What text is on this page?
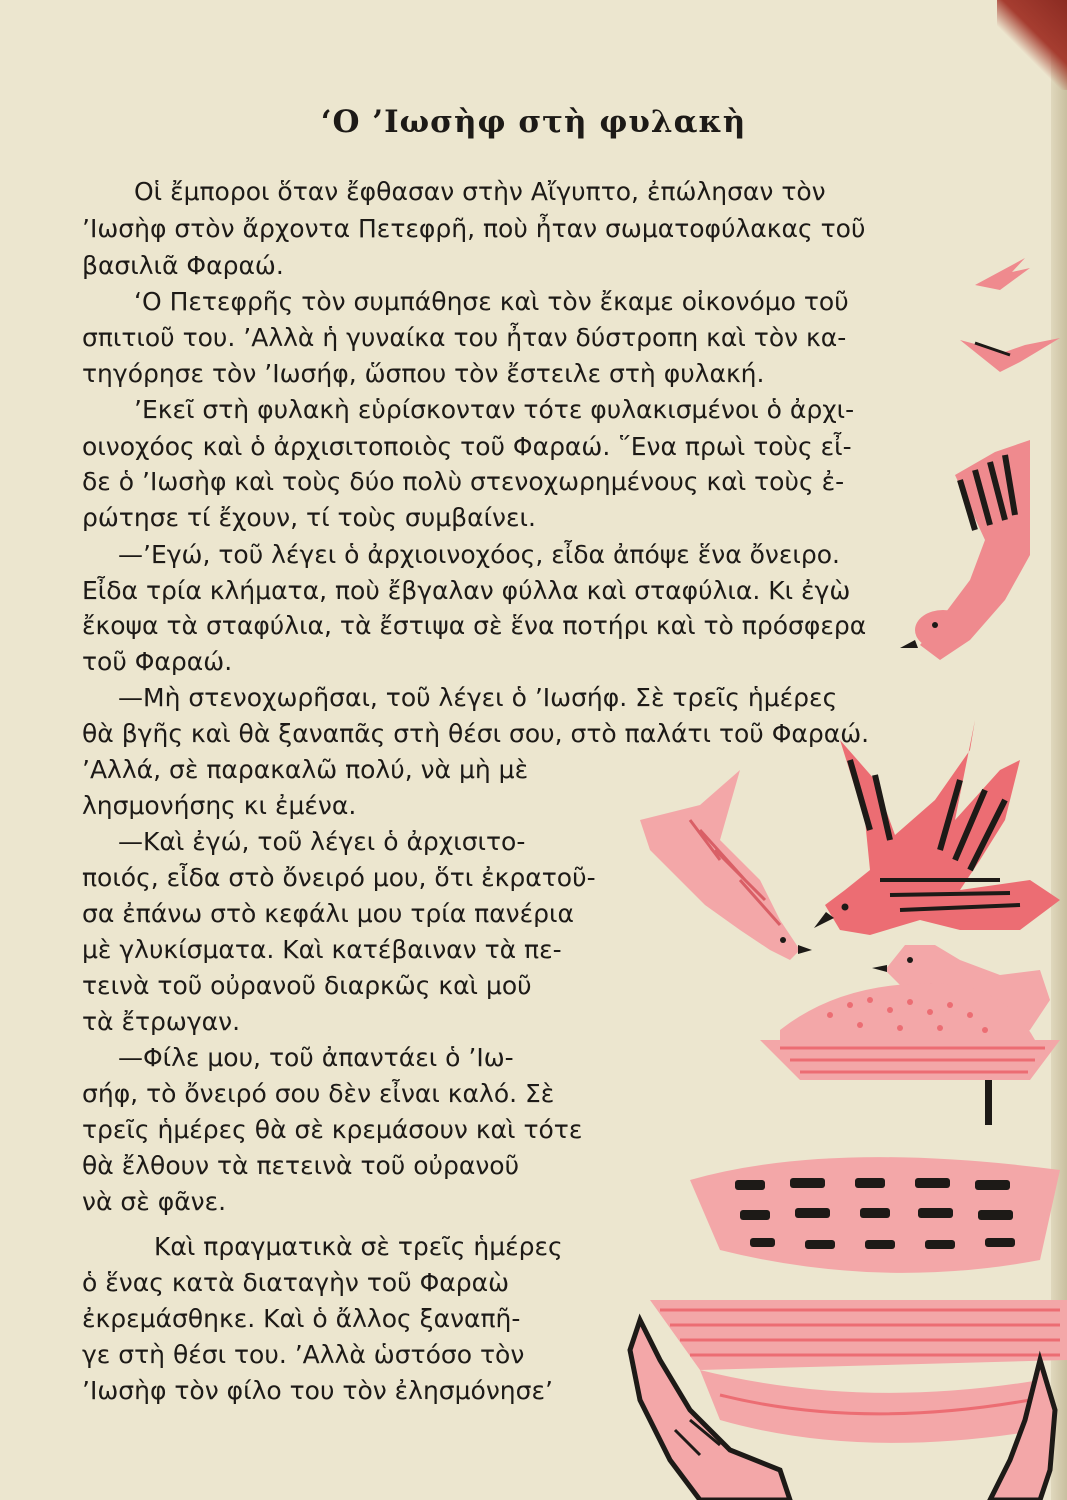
‘Ο ’Ιωσὴφ στὴ φυλακὴ
Οἱ ἔμποροι ὅταν ἔφθασαν στὴν Αἴγυπτο, ἐπώλησαν τὸν
’Ιωσὴφ στὸν ἄρχοντα Πετεφρῆ, ποὺ ἦταν σωματοφύλακας τοῦ
βασιλιᾶ Φαραώ.
‘Ο Πετεφρῆς τὸν συμπάθησε καὶ τὸν ἔκαμε οἰκονόμο τοῦ
σπιτιοῦ του. ’Αλλὰ ἡ γυναίκα του ἦταν δύστροπη καὶ τὸν κα-
τηγόρησε τὸν ’Ιωσήφ, ὥσπου τὸν ἔστειλε στὴ φυλακή.
’Εκεῖ στὴ φυλακὴ εὑρίσκονταν τότε φυλακισμένοι ὁ ἀρχι-
οινοχόος καὶ ὁ ἀρχισιτοποιὸς τοῦ Φαραώ. ῞Ενα πρωὶ τοὺς εἶ-
δε ὁ ’Ιωσὴφ καὶ τοὺς δύο πολὺ στενοχωρημένους καὶ τοὺς ἐ-
ρώτησε τί ἔχουν, τί τοὺς συμβαίνει.
—’Εγώ, τοῦ λέγει ὁ ἀρχιοινοχόος, εἶδα ἀπόψε ἕνα ὄνειρο.
Εἶδα τρία κλήματα, ποὺ ἔβγαλαν φύλλα καὶ σταφύλια. Κι ἐγὼ
ἔκοψα τὰ σταφύλια, τὰ ἔστιψα σὲ ἕνα ποτήρι καὶ τὸ πρόσφερα
τοῦ Φαραώ.
—Μὴ στενοχωρῆσαι, τοῦ λέγει ὁ ’Ιωσήφ. Σὲ τρεῖς ἡμέρες
θὰ βγῆς καὶ θὰ ξαναπᾶς στὴ θέσι σου, στὸ παλάτι τοῦ Φαραώ.
’Αλλά, σὲ παρακαλῶ πολύ, νὰ μὴ μὲ
λησμονήσης κι ἐμένα.
—Καὶ ἐγώ, τοῦ λέγει ὁ ἀρχισιτο-
ποιός, εἶδα στὸ ὄνειρό μου, ὅτι ἐκρατοῦ-
σα ἐπάνω στὸ κεφάλι μου τρία πανέρια
μὲ γλυκίσματα. Καὶ κατέβαιναν τὰ πε-
τεινὰ τοῦ οὐρανοῦ διαρκῶς καὶ μοῦ
τὰ ἔτρωγαν.
—Φίλε μου, τοῦ ἀπαντάει ὁ ’Ιω-
σήφ, τὸ ὄνειρό σου δὲν εἶναι καλό. Σὲ
τρεῖς ἡμέρες θὰ σὲ κρεμάσουν καὶ τότε
θὰ ἔλθουν τὰ πετεινὰ τοῦ οὐρανοῦ
νὰ σὲ φᾶνε.
Καὶ πραγματικὰ σὲ τρεῖς ἡμέρες
ὁ ἕνας κατὰ διαταγὴν τοῦ Φαραὼ
ἐκρεμάσθηκε. Καὶ ὁ ἄλλος ξαναπῆ-
γε στὴ θέσι του. ’Αλλὰ ὡστόσο τὸν
’Ιωσὴφ τὸν φίλο του τὸν ἐλησμόνησε’
